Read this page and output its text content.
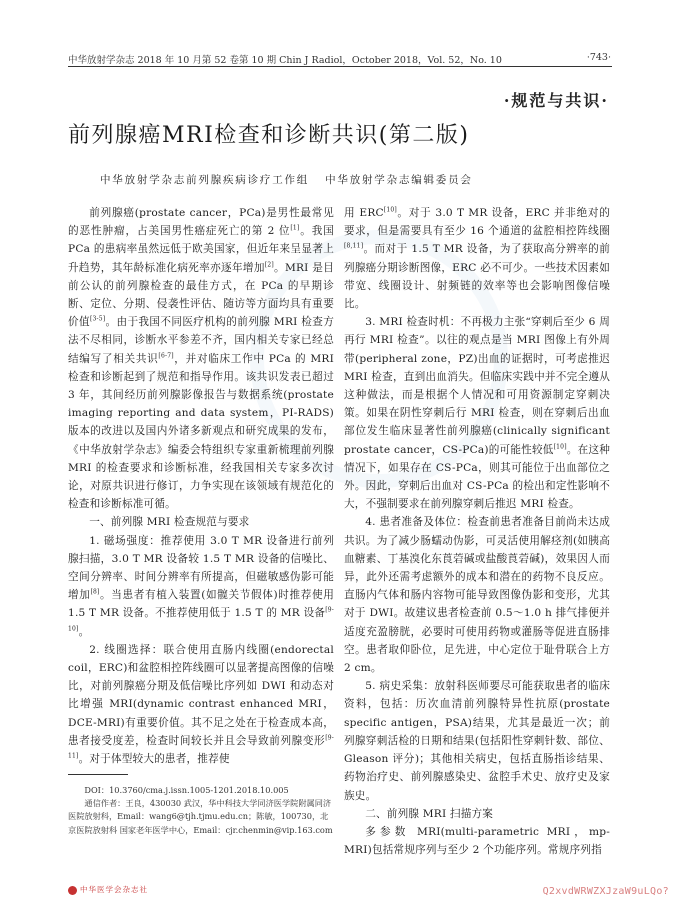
中华放射学杂志 2018 年 10 月第 52 卷第 10 期 Chin J Radiol，October 2018，Vol. 52，No. 10	·743·
·规范与共识·
前列腺癌MRI检查和诊断共识(第二版)
中华放射学杂志前列腺疾病诊疗工作组 中华放射学杂志编辑委员会

前列腺癌(prostate cancer，PCa)是男性最常见的恶性肿瘤，占美国男性癌症死亡的第 2 位[1]。我国 PCa 的患病率虽然远低于欧美国家，但近年来呈显著上升趋势，其年龄标准化病死率亦逐年增加[2]。MRI 是目前公认的前列腺检查的最佳方式，在 PCa 的早期诊断、定位、分期、侵袭性评估、随访等方面均具有重要价值[3-5]。由于我国不同医疗机构的前列腺 MRI 检查方法不尽相同，诊断水平参差不齐，国内相关专家已经总结编写了相关共识[6-7]，并对临床工作中 PCa 的 MRI 检查和诊断起到了规范和指导作用。该共识发表已超过 3 年，其间经历前列腺影像报告与数据系统(prostate imaging reporting and data system，PI-RADS)版本的改进以及国内外诸多新观点和研究成果的发布，《中华放射学杂志》编委会特组织专家重新梳理前列腺 MRI 的检查要求和诊断标准，经我国相关专家多次讨论，对原共识进行修订，力争实现在该领域有规范化的检查和诊断标准可循。

一、前列腺 MRI 检查规范与要求

1. 磁场强度：推荐使用 3.0 T MR 设备进行前列腺扫描，3.0 T MR 设备较 1.5 T MR 设备的信噪比、空间分辨率、时间分辨率有所提高，但磁敏感伪影可能增加[8]。当患者有植入装置(如髋关节假体)时推荐使用 1.5 T MR 设备。不推荐使用低于 1.5 T 的 MR 设备[9-10]。

2. 线圈选择：联合使用直肠内线圈(endorectal coil，ERC)和盆腔相控阵线圈可以显著提高图像的信噪比，对前列腺癌分期及低信噪比序列如 DWI 和动态对比增强 MRI(dynamic contrast enhanced MRI，DCE-MRI)有重要价值。其不足之处在于检查成本高，患者接受度差，检查时间较长并且会导致前列腺变形[9-11]。对于体型较大的患者，推荐使

DOI：10.3760/cma.j.issn.1005-1201.2018.10.005

通信作者：王良，430030 武汉，华中科技大学同济医学院附属同济医院放射科，Email：wang6@tjh.tjmu.edu.cn；陈敏，100730，北京医院放射科 国家老年医学中心，Email：cjr.chenmin@vip.163.com

用 ERC[10]。对于 3.0 T MR 设备，ERC 并非绝对的要求，但是需要具有至少 16 个通道的盆腔相控阵线圈[8,11]。而对于 1.5 T MR 设备，为了获取高分辨率的前列腺癌分期诊断图像，ERC 必不可少。一些技术因素如带宽、线圈设计、射频链的效率等也会影响图像信噪比。

3. MRI 检查时机：不再极力主张“穿刺后至少 6 周再行 MRI 检查”。以往的观点是当 MRI 图像上有外周带(peripheral zone，PZ)出血的证据时，可考虑推迟 MRI 检查，直到出血消失。但临床实践中并不完全遵从这种做法，而是根据个人情况和可用资源制定穿刺决策。如果在阴性穿刺后行 MRI 检查，则在穿刺后出血部位发生临床显著性前列腺癌(clinically significant prostate cancer，CS-PCa)的可能性较低[10]。在这种情况下，如果存在 CS-PCa，则其可能位于出血部位之外。因此，穿刺后出血对 CS-PCa 的检出和定性影响不大，不强制要求在前列腺穿刺后推迟 MRI 检查。

4. 患者准备及体位：检查前患者准备目前尚未达成共识。为了减少肠蠕动伪影，可灵活使用解痉剂(如胰高血糖素、丁基溴化东莨菪碱或盐酸莨菪碱)，效果因人而异，此外还需考虑额外的成本和潜在的药物不良反应。直肠内气体和肠内容物可能导致图像伪影和变形，尤其对于 DWI。故建议患者检查前 0.5～1.0 h 排气排便并适度充盈膀胱，必要时可使用药物或灌肠等促进直肠排空。患者取仰卧位，足先进，中心定位于耻骨联合上方 2 cm。

5. 病史采集：放射科医师要尽可能获取患者的临床资料，包括：历次血清前列腺特异性抗原(prostate specific antigen，PSA)结果，尤其是最近一次；前列腺穿刺活检的日期和结果(包括阳性穿刺针数、部位、Gleason 评分)；其他相关病史，包括直肠指诊结果、药物治疗史、前列腺感染史、盆腔手术史、放疗史及家族史。

二、前列腺 MRI 扫描方案

多参数 MRI(multi-parametric MRI，mp-MRI)包括常规序列与至少 2 个功能序列。常规序列指

中华医学会杂志社	Q2xvdWRWZXJzaW9uLQo?
